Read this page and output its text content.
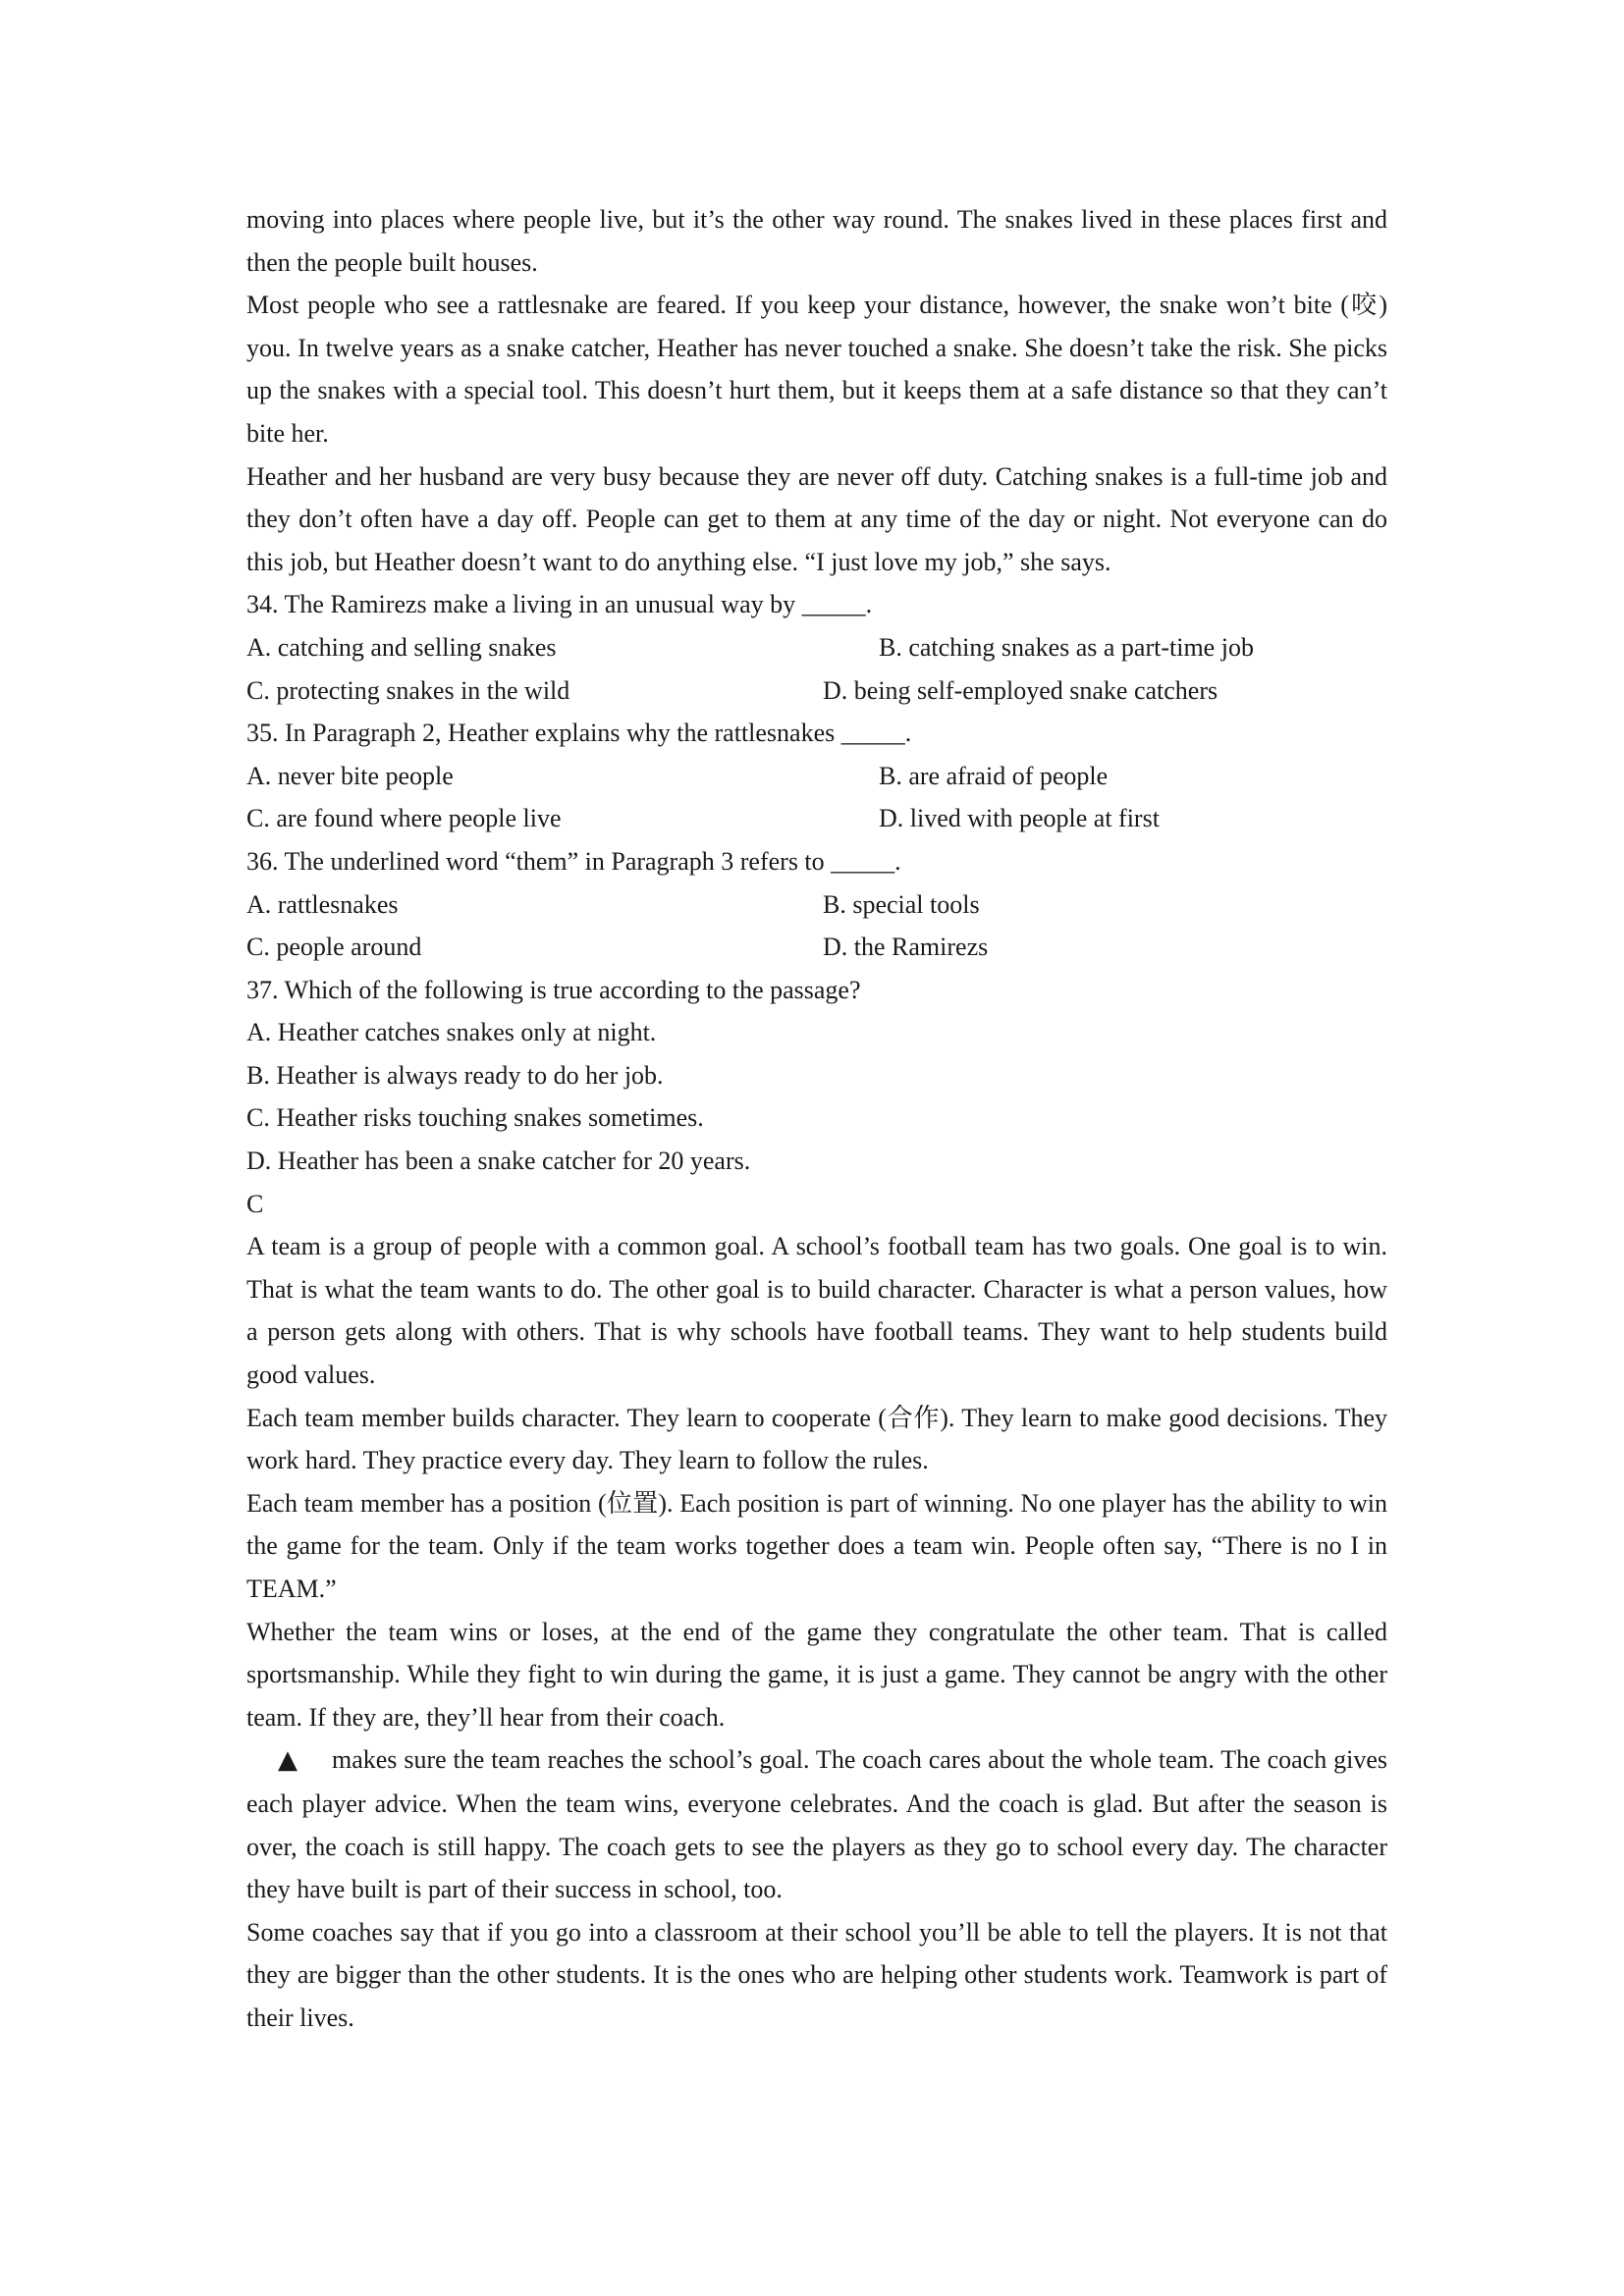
moving into places where people live, but it’s the other way round. The snakes lived in these places first and then the people built houses.

Most people who see a rattlesnake are feared. If you keep your distance, however, the snake won’t bite (咬) you. In twelve years as a snake catcher, Heather has never touched a snake. She doesn’t take the risk. She picks up the snakes with a special tool. This doesn’t hurt them, but it keeps them at a safe distance so that they can’t bite her.

Heather and her husband are very busy because they are never off duty. Catching snakes is a full-time job and they don’t often have a day off. People can get to them at any time of the day or night. Not everyone can do this job, but Heather doesn’t want to do anything else. “I just love my job,” she says.

34. The Ramirezs make a living in an unusual way by _____.

A. catching and selling snakes	B. catching snakes as a part-time job
C. protecting snakes in the wild	D. being self-employed snake catchers

35. In Paragraph 2, Heather explains why the rattlesnakes _____.

A. never bite people	B. are afraid of people
C. are found where people live	D. lived with people at first

36. The underlined word “them” in Paragraph 3 refers to _____.

A. rattlesnakes	B. special tools
C. people around	D. the Ramirezs

37. Which of the following is true according to the passage?

A. Heather catches snakes only at night.

B. Heather is always ready to do her job.

C. Heather risks touching snakes sometimes.

D. Heather has been a snake catcher for 20 years.

C

A team is a group of people with a common goal. A school’s football team has two goals. One goal is to win. That is what the team wants to do. The other goal is to build character. Character is what a person values, how a person gets along with others. That is why schools have football teams. They want to help students build good values.

Each team member builds character. They learn to cooperate (合作). They learn to make good decisions. They work hard. They practice every day. They learn to follow the rules.

Each team member has a position (位置). Each position is part of winning. No one player has the ability to win the game for the team. Only if the team works together does a team win. People often say, “There is no I in TEAM.”

Whether the team wins or loses, at the end of the game they congratulate the other team. That is called sportsmanship. While they fight to win during the game, it is just a game. They cannot be angry with the other team. If they are, they’ll hear from their coach.

▲ makes sure the team reaches the school’s goal. The coach cares about the whole team. The coach gives each player advice. When the team wins, everyone celebrates. And the coach is glad. But after the season is over, the coach is still happy. The coach gets to see the players as they go to school every day. The character they have built is part of their success in school, too.

Some coaches say that if you go into a classroom at their school you’ll be able to tell the players. It is not that they are bigger than the other students. It is the ones who are helping other students work. Teamwork is part of their lives.
